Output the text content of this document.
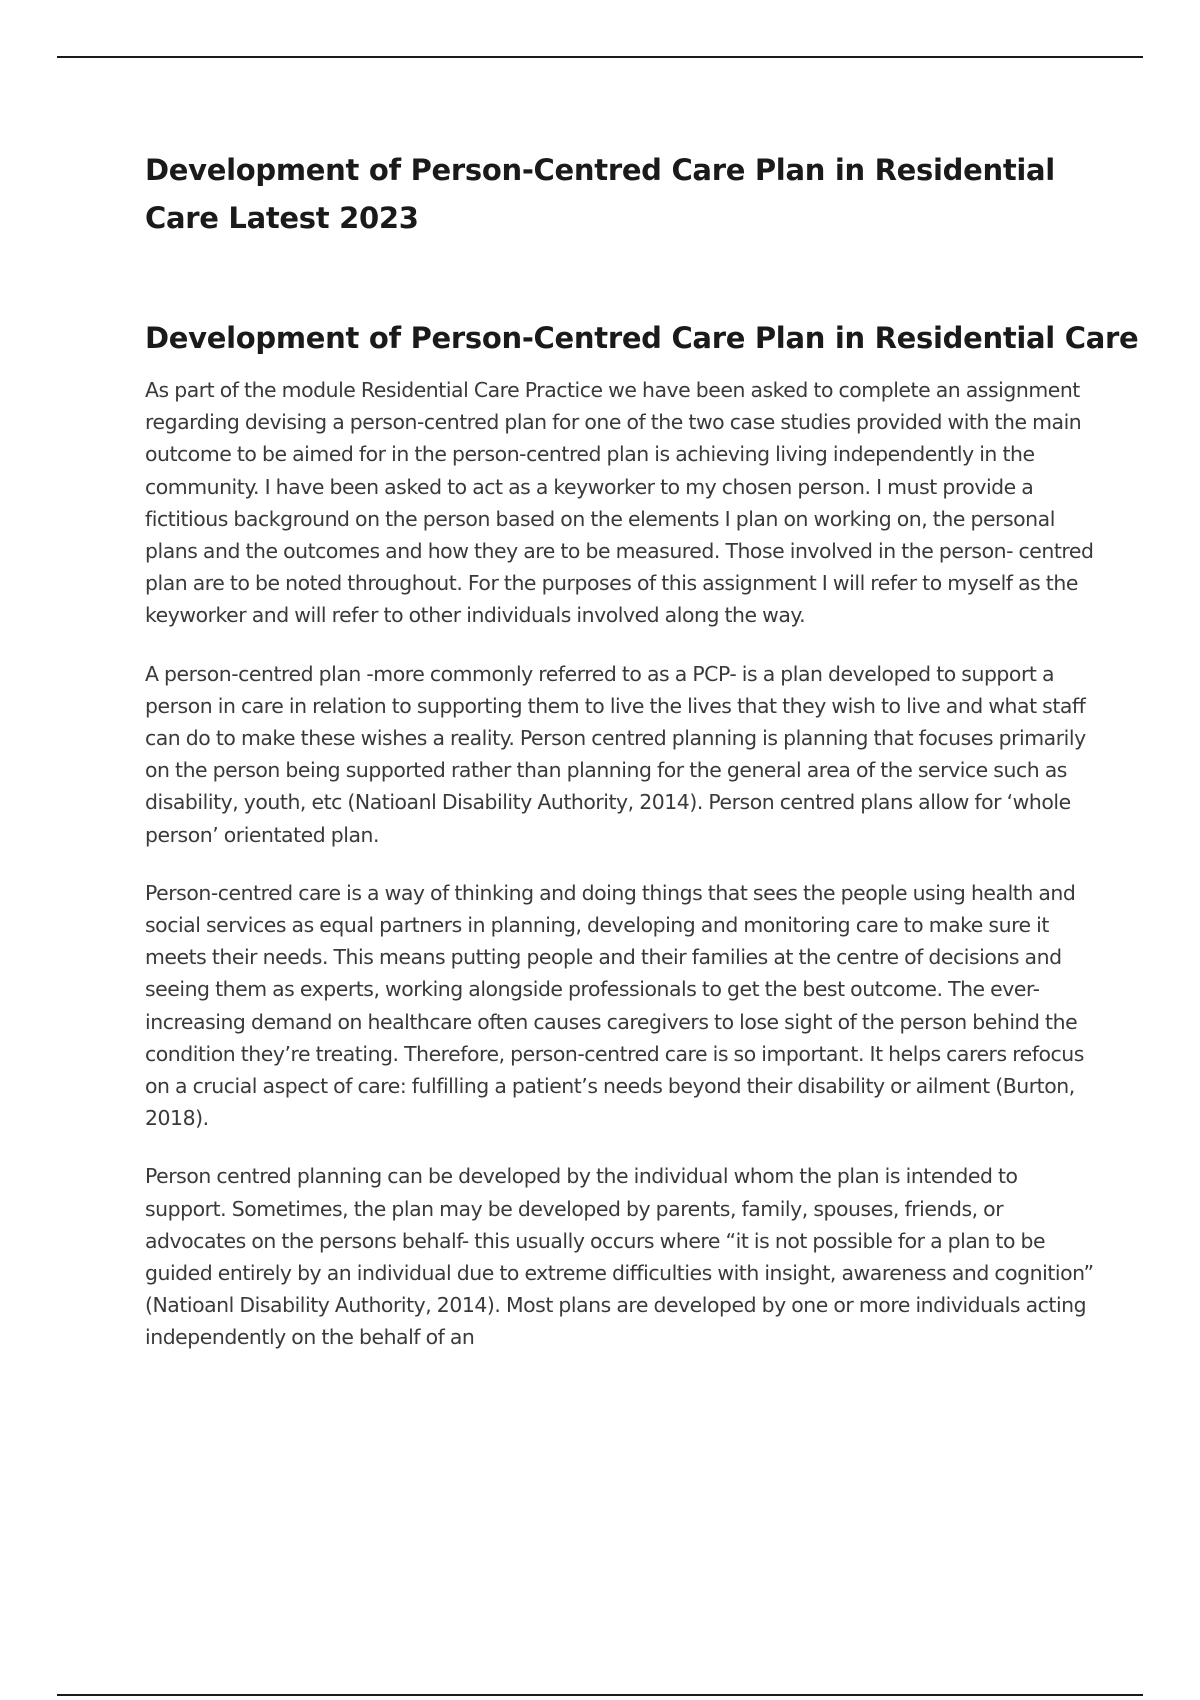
Development of Person-Centred Care Plan in Residential Care Latest 2023
Development of Person-Centred Care Plan in Residential Care

As part of the module Residential Care Practice we have been asked to complete an assignment regarding devising a person-centred plan for one of the two case studies provided with the main outcome to be aimed for in the person-centred plan is achieving living independently in the community. I have been asked to act as a keyworker to my chosen person. I must provide a fictitious background on the person based on the elements I plan on working on, the personal plans and the outcomes and how they are to be measured. Those involved in the person- centred plan are to be noted throughout. For the purposes of this assignment I will refer to myself as the keyworker and will refer to other individuals involved along the way.

A person-centred plan -more commonly referred to as a PCP- is a plan developed to support a person in care in relation to supporting them to live the lives that they wish to live and what staff can do to make these wishes a reality. Person centred planning is planning that focuses primarily on the person being supported rather than planning for the general area of the service such as disability, youth, etc (Natioanl Disability Authority, 2014). Person centred plans allow for ‘whole person’ orientated plan.

Person-centred care is a way of thinking and doing things that sees the people using health and social services as equal partners in planning, developing and monitoring care to make sure it meets their needs. This means putting people and their families at the centre of decisions and seeing them as experts, working alongside professionals to get the best outcome. The ever-increasing demand on healthcare often causes caregivers to lose sight of the person behind the condition they’re treating. Therefore, person-centred care is so important. It helps carers refocus on a crucial aspect of care: fulfilling a patient’s needs beyond their disability or ailment (Burton, 2018).

Person centred planning can be developed by the individual whom the plan is intended to support. Sometimes, the plan may be developed by parents, family, spouses, friends, or advocates on the persons behalf- this usually occurs where “it is not possible for a plan to be guided entirely by an individual due to extreme difficulties with insight, awareness and cognition” (Natioanl Disability Authority, 2014). Most plans are developed by one or more individuals acting independently on the behalf of an
